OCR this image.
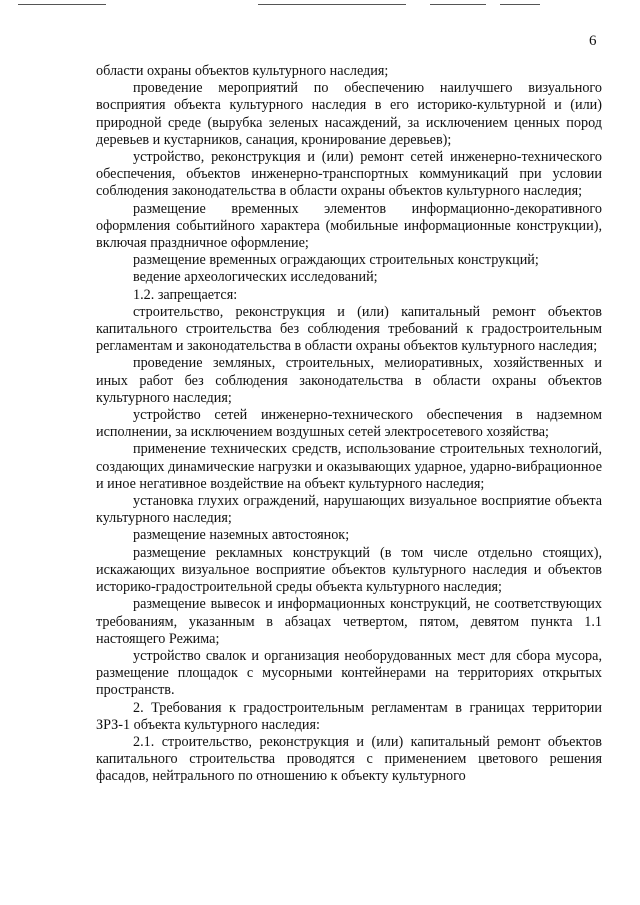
6

области охраны объектов культурного наследия;

проведение мероприятий по обеспечению наилучшего визуального восприятия объекта культурного наследия в его историко-культурной и (или) природной среде (вырубка зеленых насаждений, за исключением ценных пород деревьев и кустарников, санация, кронирование деревьев);

устройство, реконструкция и (или) ремонт сетей инженерно-технического обеспечения, объектов инженерно-транспортных коммуникаций при условии соблюдения законодательства в области охраны объектов культурного наследия;

размещение временных элементов информационно-декоративного оформления событийного характера (мобильные информационные конструкции), включая праздничное оформление;

размещение временных ограждающих строительных конструкций;

ведение археологических исследований;

1.2. запрещается:

строительство, реконструкция и (или) капитальный ремонт объектов капитального строительства без соблюдения требований к градостроительным регламентам и законодательства в области охраны объектов культурного наследия;

проведение земляных, строительных, мелиоративных, хозяйственных и иных работ без соблюдения законодательства в области охраны объектов культурного наследия;

устройство сетей инженерно-технического обеспечения в надземном исполнении, за исключением воздушных сетей электросетевого хозяйства;

применение технических средств, использование строительных технологий, создающих динамические нагрузки и оказывающих ударное, ударно-вибрационное и иное негативное воздействие на объект культурного наследия;

установка глухих ограждений, нарушающих визуальное восприятие объекта культурного наследия;

размещение наземных автостоянок;

размещение рекламных конструкций (в том числе отдельно стоящих), искажающих визуальное восприятие объектов культурного наследия и объектов историко-градостроительной среды объекта культурного наследия;

размещение вывесок и информационных конструкций, не соответствующих требованиям, указанным в абзацах четвертом, пятом, девятом пункта 1.1 настоящего Режима;

устройство свалок и организация необорудованных мест для сбора мусора, размещение площадок с мусорными контейнерами на территориях открытых пространств.

2. Требования к градостроительным регламентам в границах территории ЗРЗ-1 объекта культурного наследия:

2.1. строительство, реконструкция и (или) капитальный ремонт объектов капитального строительства проводятся с применением цветового решения фасадов, нейтрального по отношению к объекту культурного
